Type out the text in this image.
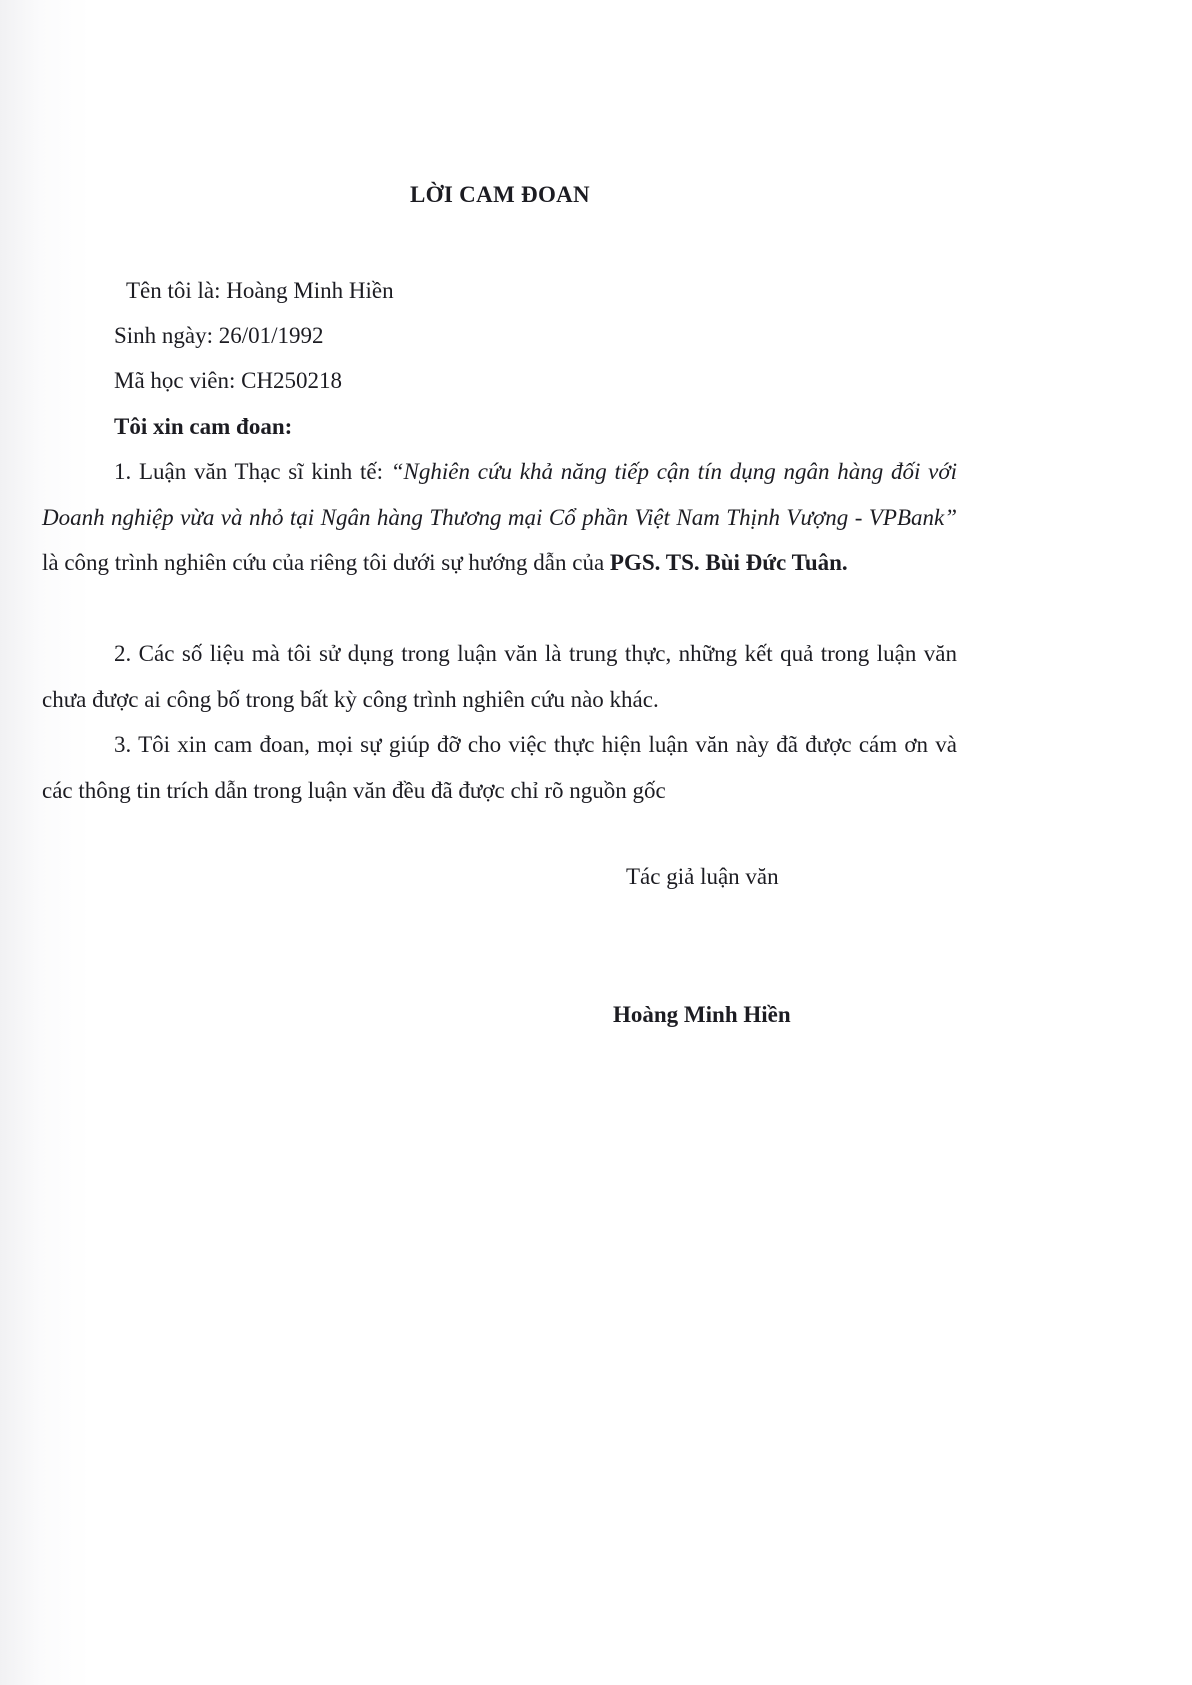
LỜI CAM ĐOAN
Tên tôi là: Hoàng Minh Hiền
Sinh ngày: 26/01/1992
Mã học viên: CH250218
Tôi xin cam đoan:
1. Luận văn Thạc sĩ kinh tế: “Nghiên cứu khả năng tiếp cận tín dụng ngân hàng đối với Doanh nghiệp vừa và nhỏ tại Ngân hàng Thương mại Cổ phần Việt Nam Thịnh Vượng - VPBank” là công trình nghiên cứu của riêng tôi dưới sự hướng dẫn của PGS. TS. Bùi Đức Tuân.
2. Các số liệu mà tôi sử dụng trong luận văn là trung thực, những kết quả trong luận văn chưa được ai công bố trong bất kỳ công trình nghiên cứu nào khác.
3. Tôi xin cam đoan, mọi sự giúp đỡ cho việc thực hiện luận văn này đã được cám ơn và các thông tin trích dẫn trong luận văn đều đã được chỉ rõ nguồn gốc
Tác giả luận văn
Hoàng Minh Hiền
